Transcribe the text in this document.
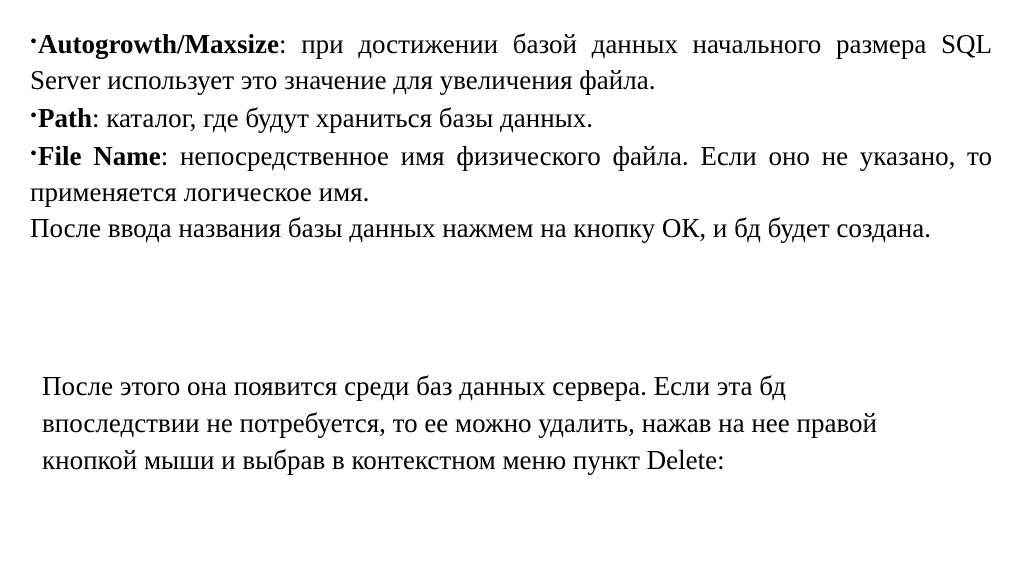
•Autogrowth/Maxsize: при достижении базой данных начального размера SQL Server использует это значение для увеличения файла.

•Path: каталог, где будут храниться базы данных.

•File Name: непосредственное имя физического файла. Если оно не указано, то применяется логическое имя.

После ввода названия базы данных нажмем на кнопку ОК, и бд будет создана.

После этого она появится среди баз данных сервера. Если эта бд
впоследствии не потребуется, то ее можно удалить, нажав на нее правой
кнопкой мыши и выбрав в контекстном меню пункт Delete:
